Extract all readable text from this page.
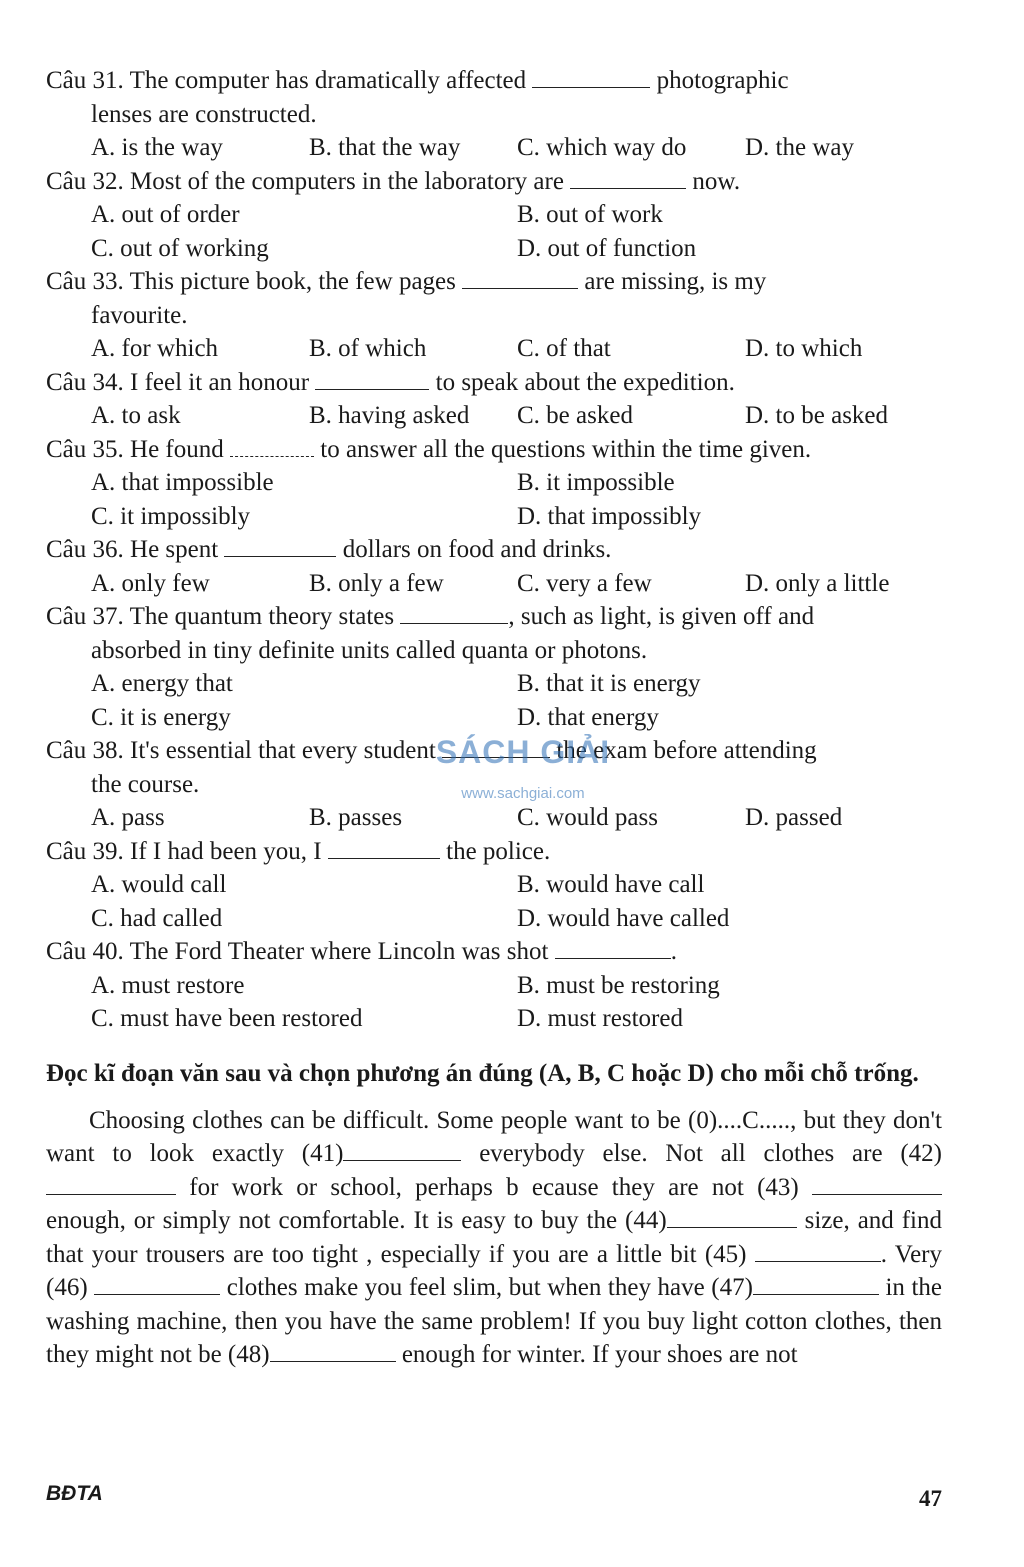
Câu 31. The computer has dramatically affected	photographic
lenses are constructed.
A. is the way	B. that the way	C. which way do	D. the way
Câu 32. Most of the computers in the laboratory are	now.
A. out of order	B. out of work
C. out of working	D. out of function
Câu 33. This picture book, the few pages	are missing, is my
favourite.
A. for which	B. of which	C. of that	D. to which
Câu 34. I feel it an honour	to speak about the expedition.
A. to ask	B. having asked	C. be asked	D. to be asked
Câu 35. He found	to answer all the questions within the time given.
A. that impossible	B. it impossible
C. it impossibly	D. that impossibly
Câu 36. He spent	dollars on food and drinks.
A. only few	B. only a few	C. very a few	D. only a little
Câu 37. The quantum theory states	, such as light, is given off and
absorbed in tiny definite units called quanta or photons.
A. energy that	B. that it is energy
C. it is energy	D. that energy
Câu 38. It's essential that every student	the exam before attending
the course.
A. pass	B. passes	C. would pass	D. passed
Câu 39. If I had been you, I	the police.
A. would call	B. would have call
C. had called	D. would have called
Câu 40. The Ford Theater where Lincoln was shot	.
A. must restore	B. must be restoring
C. must have been restored	D. must restored
Đọc kĩ đoạn văn sau và chọn phương án đúng (A, B, C hoặc D) cho mỗi chỗ trống.
Choosing clothes can be difficult. Some people want to be (0)....C....., but they don't want to look exactly (41)	everybody else. Not all clothes are (42) for work or school, perhaps b ecause they are not (43)  enough, or simply not comfortable. It is easy to buy the (44)	size, and find that your trousers are too tight , especially if you are a little bit (45)	. Very (46)	clothes make you feel slim, but when they have (47)	in the washing machine, then you have the same problem! If you buy light cotton clothes, then they might not be (48)	enough for winter. If your shoes are not
SÁCH GIẢI
www.sachgiai.com
BĐTA	47
